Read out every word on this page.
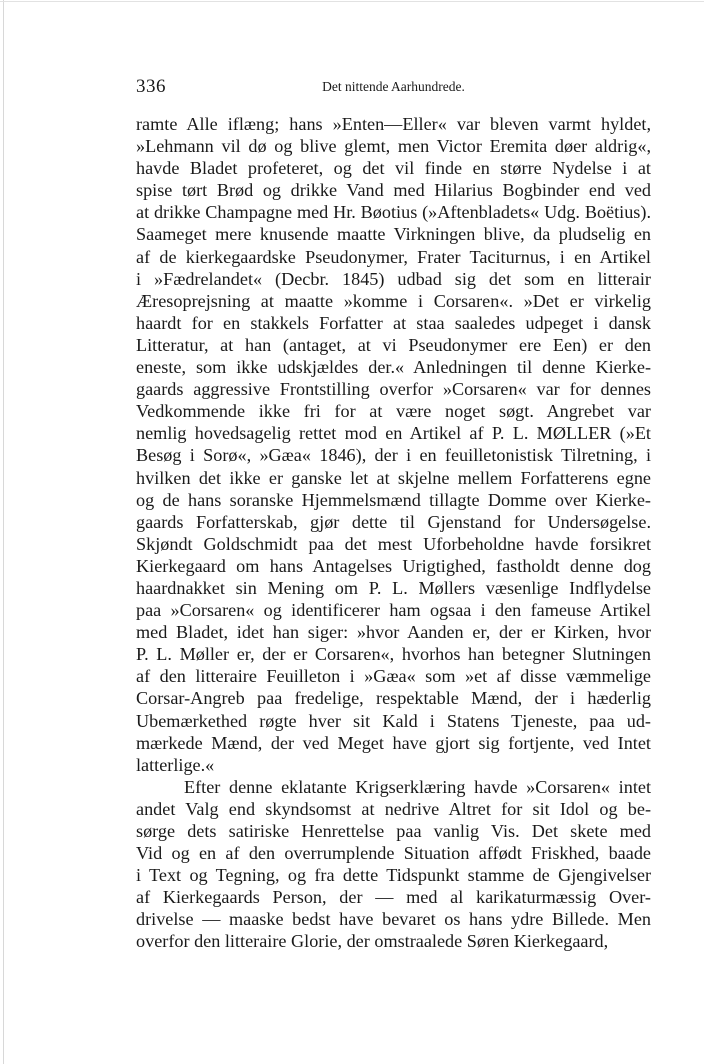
336	Det nittende Aarhundrede.
ramte Alle iflæng; hans »Enten—Eller« var bleven varmt hyldet,
»Lehmann vil dø og blive glemt, men Victor Eremita døer aldrig«,
havde Bladet profeteret, og det vil finde en større Nydelse i at
spise tørt Brød og drikke Vand med Hilarius Bogbinder end ved
at drikke Champagne med Hr. Bøotius (»Aftenbladets« Udg. Boëtius).
Saameget mere knusende maatte Virkningen blive, da pludselig en
af de kierkegaardske Pseudonymer, Frater Taciturnus, i en Artikel
i »Fædrelandet« (Decbr. 1845) udbad sig det som en litterair
Æresoprejsning at maatte »komme i Corsaren«. »Det er virkelig
haardt for en stakkels Forfatter at staa saaledes udpeget i dansk
Litteratur, at han (antaget, at vi Pseudonymer ere Een) er den
eneste, som ikke udskjældes der.« Anledningen til denne Kierke-
gaards aggressive Frontstilling overfor »Corsaren« var for dennes
Vedkommende ikke fri for at være noget søgt. Angrebet var
nemlig hovedsagelig rettet mod en Artikel af P. L. MØLLER (»Et
Besøg i Sorø«, »Gæa« 1846), der i en feuilletonistisk Tilretning, i
hvilken det ikke er ganske let at skjelne mellem Forfatterens egne
og de hans soranske Hjemmelsmænd tillagte Domme over Kierke-
gaards Forfatterskab, gjør dette til Gjenstand for Undersøgelse.
Skjøndt Goldschmidt paa det mest Uforbeholdne havde forsikret
Kierkegaard om hans Antagelses Urigtighed, fastholdt denne dog
haardnakket sin Mening om P. L. Møllers væsenlige Indflydelse
paa »Corsaren« og identificerer ham ogsaa i den fameuse Artikel
med Bladet, idet han siger: »hvor Aanden er, der er Kirken, hvor
P. L. Møller er, der er Corsaren«, hvorhos han betegner Slutningen
af den litteraire Feuilleton i »Gæa« som »et af disse væmmelige
Corsar-Angreb paa fredelige, respektable Mænd, der i hæderlig
Ubemærkethed røgte hver sit Kald i Statens Tjeneste, paa ud-
mærkede Mænd, der ved Meget have gjort sig fortjente, ved Intet
latterlige.«
Efter denne eklatante Krigserklæring havde »Corsaren« intet
andet Valg end skyndsomst at nedrive Altret for sit Idol og be-
sørge dets satiriske Henrettelse paa vanlig Vis. Det skete med
Vid og en af den overrumplende Situation affødt Friskhed, baade
i Text og Tegning, og fra dette Tidspunkt stamme de Gjengivelser
af Kierkegaards Person, der — med al karikaturmæssig Over-
drivelse — maaske bedst have bevaret os hans ydre Billede. Men
overfor den litteraire Glorie, der omstraalede Søren Kierkegaard,
